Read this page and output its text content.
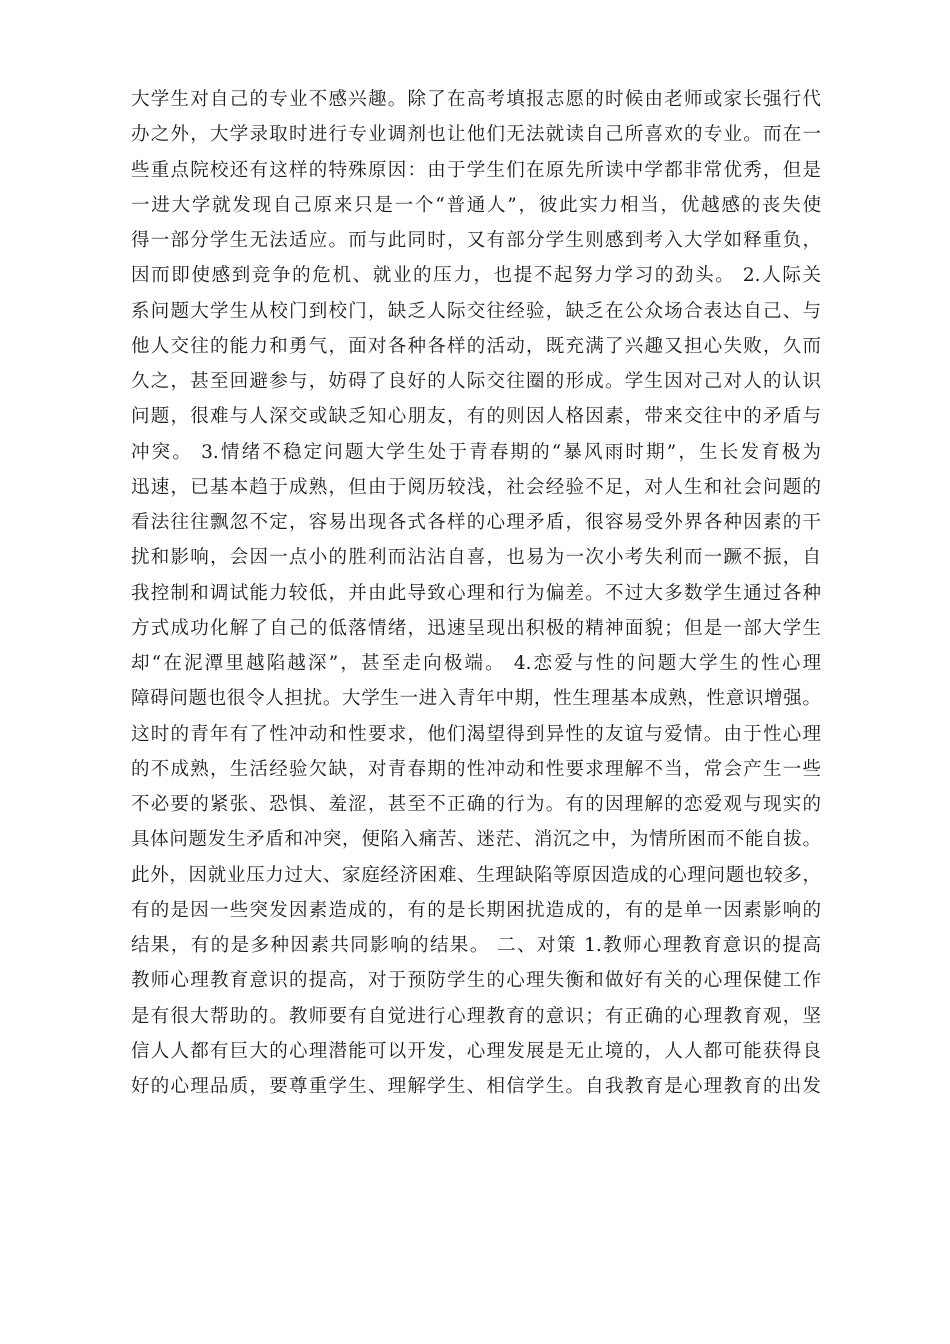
大学生对自己的专业不感兴趣。除了在高考填报志愿的时候由老师或家长强行代
办之外，大学录取时进行专业调剂也让他们无法就读自己所喜欢的专业。而在一
些重点院校还有这样的特殊原因：由于学生们在原先所读中学都非常优秀，但是
一进大学就发现自己原来只是一个“普通人”，彼此实力相当，优越感的丧失使
得一部分学生无法适应。而与此同时，又有部分学生则感到考入大学如释重负，
因而即使感到竞争的危机、就业的压力，也提不起努力学习的劲头。 2.人际关
系问题大学生从校门到校门，缺乏人际交往经验，缺乏在公众场合表达自己、与
他人交往的能力和勇气，面对各种各样的活动，既充满了兴趣又担心失败，久而
久之，甚至回避参与，妨碍了良好的人际交往圈的形成。学生因对己对人的认识
问题，很难与人深交或缺乏知心朋友，有的则因人格因素，带来交往中的矛盾与
冲突。 3.情绪不稳定问题大学生处于青春期的“暴风雨时期”，生长发育极为
迅速，已基本趋于成熟，但由于阅历较浅，社会经验不足，对人生和社会问题的
看法往往飘忽不定，容易出现各式各样的心理矛盾，很容易受外界各种因素的干
扰和影响，会因一点小的胜利而沾沾自喜，也易为一次小考失利而一蹶不振，自
我控制和调试能力较低，并由此导致心理和行为偏差。不过大多数学生通过各种
方式成功化解了自己的低落情绪，迅速呈现出积极的精神面貌；但是一部大学生
却“在泥潭里越陷越深”，甚至走向极端。 4.恋爱与性的问题大学生的性心理
障碍问题也很令人担扰。大学生一进入青年中期，性生理基本成熟，性意识增强。
这时的青年有了性冲动和性要求，他们渴望得到异性的友谊与爱情。由于性心理
的不成熟，生活经验欠缺，对青春期的性冲动和性要求理解不当，常会产生一些
不必要的紧张、恐惧、羞涩，甚至不正确的行为。有的因理解的恋爱观与现实的
具体问题发生矛盾和冲突，便陷入痛苦、迷茫、消沉之中，为情所困而不能自拔。
此外，因就业压力过大、家庭经济困难、生理缺陷等原因造成的心理问题也较多，
有的是因一些突发因素造成的，有的是长期困扰造成的，有的是单一因素影响的
结果，有的是多种因素共同影响的结果。 二、对策 1.教师心理教育意识的提高
教师心理教育意识的提高，对于预防学生的心理失衡和做好有关的心理保健工作
是有很大帮助的。教师要有自觉进行心理教育的意识；有正确的心理教育观，坚
信人人都有巨大的心理潜能可以开发，心理发展是无止境的，人人都可能获得良
好的心理品质，要尊重学生、理解学生、相信学生。自我教育是心理教育的出发
